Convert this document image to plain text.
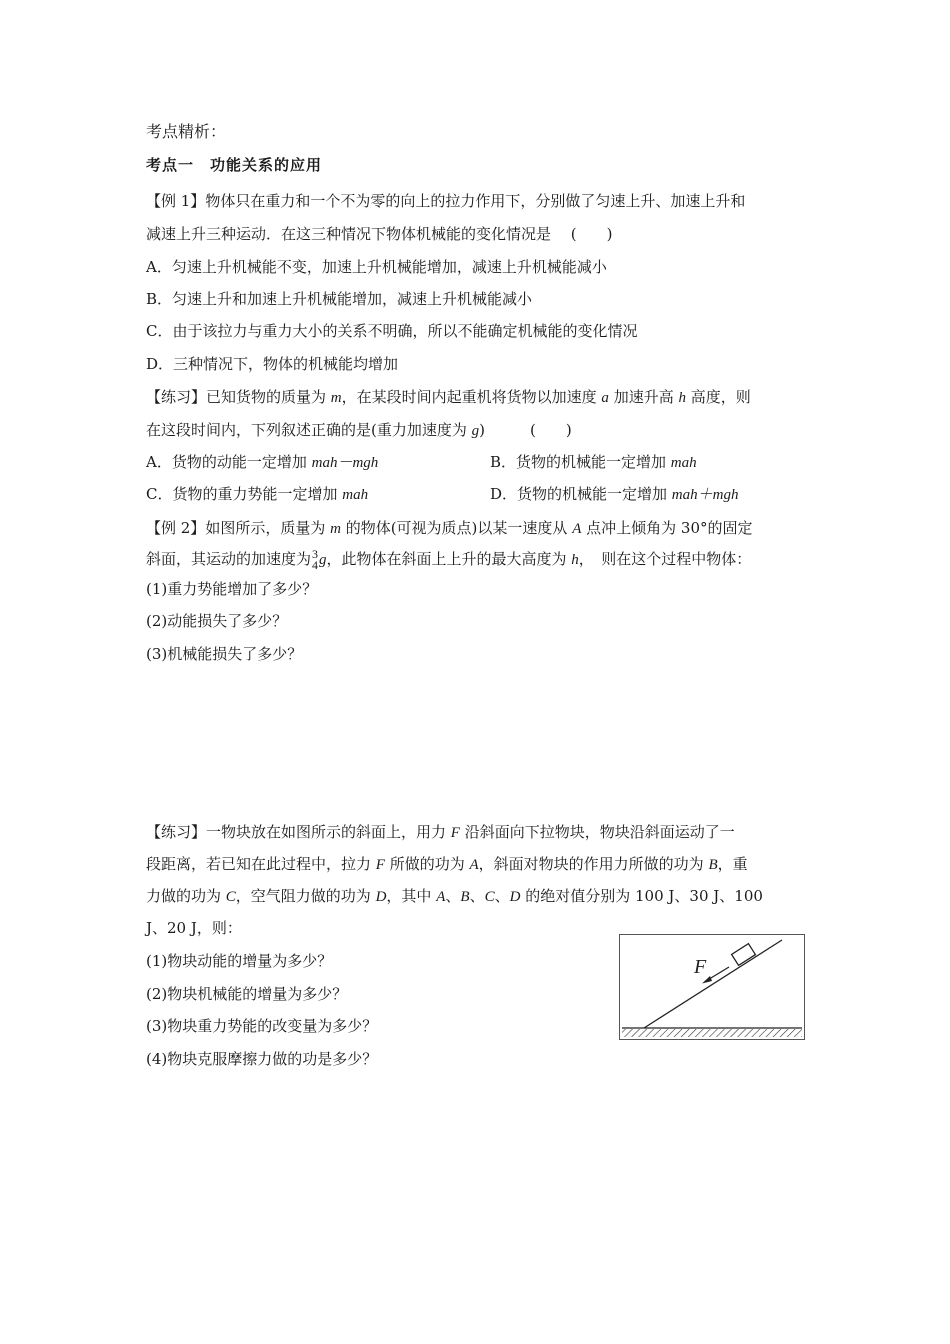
考点精析：
考点一　功能关系的应用
【例 1】物体只在重力和一个不为零的向上的拉力作用下，分别做了匀速上升、加速上升和
减速上升三种运动．在这三种情况下物体机械能的变化情况是　 (　　)
A．匀速上升机械能不变，加速上升机械能增加，减速上升机械能减小
B．匀速上升和加速上升机械能增加，减速上升机械能减小
C．由于该拉力与重力大小的关系不明确，所以不能确定机械能的变化情况
D．三种情况下，物体的机械能均增加
【练习】已知货物的质量为 m，在某段时间内起重机将货物以加速度 a 加速升高 h 高度，则
在这段时间内，下列叙述正确的是(重力加速度为 g)　　　(　　)
A．货物的动能一定增加 mah－mgh	B．货物的机械能一定增加 mah
C．货物的重力势能一定增加 mah	D．货物的机械能一定增加 mah＋mgh
【例 2】如图所示，质量为 m 的物体(可视为质点)以某一速度从 A 点冲上倾角为 30°的固定
斜面，其运动的加速度为 3
4 g，此物体在斜面上上升的最大高度为 h，　则在这个过程中物体：
(1)重力势能增加了多少？
(2)动能损失了多少？
(3)机械能损失了多少？
【练习】一物块放在如图所示的斜面上，用力 F 沿斜面向下拉物块，物块沿斜面运动了一
段距离，若已知在此过程中，拉力 F 所做的功为 A，斜面对物块的作用力所做的功为 B，重
力做的功为 C，空气阻力做的功为 D，其中 A、B、C、D 的绝对值分别为 100 J、30 J、100
J、20 J，则：
(1)物块动能的增量为多少？
(2)物块机械能的增量为多少？
(3)物块重力势能的改变量为多少？
(4)物块克服摩擦力做的功是多少？
F
